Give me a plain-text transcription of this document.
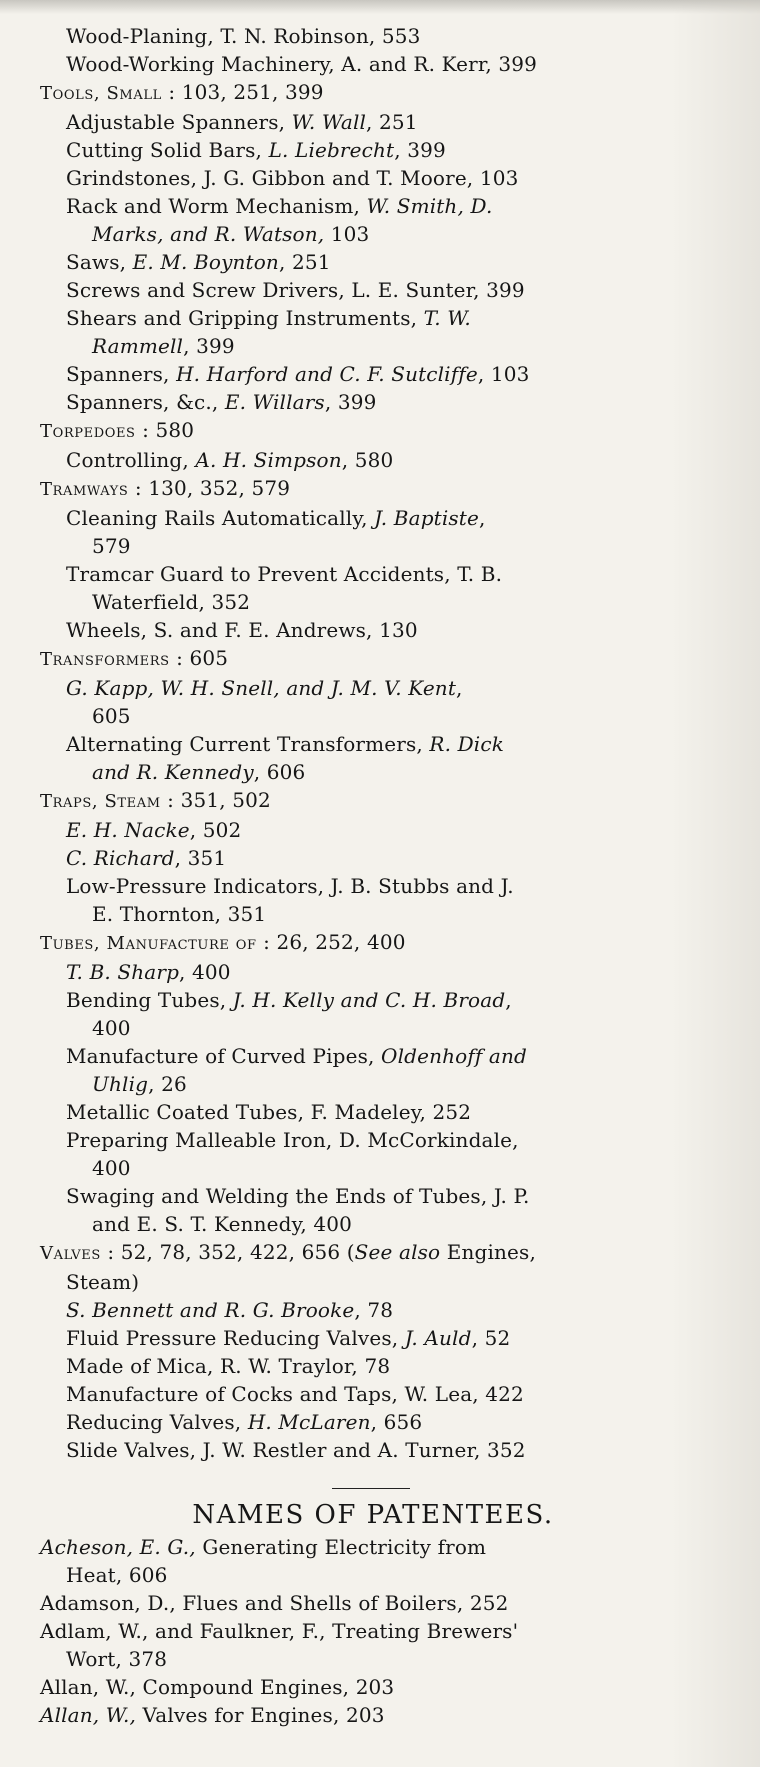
Wood-Planing, T. N. Robinson, 553
Wood-Working Machinery, A. and R. Kerr, 399
Tools, Small : 103, 251, 399
Adjustable Spanners, W. Wall, 251
Cutting Solid Bars, L. Liebrecht, 399
Grindstones, J. G. Gibbon and T. Moore, 103
Rack and Worm Mechanism, W. Smith, D.
Marks, and R. Watson, 103
Saws, E. M. Boynton, 251
Screws and Screw Drivers, L. E. Sunter, 399
Shears and Gripping Instruments, T. W.
Rammell, 399
Spanners, H. Harford and C. F. Sutcliffe, 103
Spanners, &c., E. Willars, 399
Torpedoes : 580
Controlling, A. H. Simpson, 580
Tramways : 130, 352, 579
Cleaning Rails Automatically, J. Baptiste,
579
Tramcar Guard to Prevent Accidents, T. B.
Waterfield, 352
Wheels, S. and F. E. Andrews, 130
Transformers : 605
G. Kapp, W. H. Snell, and J. M. V. Kent,
605
Alternating Current Transformers, R. Dick
and R. Kennedy, 606
Traps, Steam : 351, 502
E. H. Nacke, 502
C. Richard, 351
Low-Pressure Indicators, J. B. Stubbs and J.
E. Thornton, 351
Tubes, Manufacture of : 26, 252, 400
T. B. Sharp, 400
Bending Tubes, J. H. Kelly and C. H. Broad,
400
Manufacture of Curved Pipes, Oldenhoff and
Uhlig, 26
Metallic Coated Tubes, F. Madeley, 252
Preparing Malleable Iron, D. McCorkindale,
400
Swaging and Welding the Ends of Tubes, J. P.
and E. S. T. Kennedy, 400
Valves : 52, 78, 352, 422, 656 (See also Engines,
Steam)
S. Bennett and R. G. Brooke, 78
Fluid Pressure Reducing Valves, J. Auld, 52
Made of Mica, R. W. Traylor, 78
Manufacture of Cocks and Taps, W. Lea, 422
Reducing Valves, H. McLaren, 656
Slide Valves, J. W. Restler and A. Turner, 352
NAMES OF PATENTEES.
Acheson, E. G., Generating Electricity from
Heat, 606
Adamson, D., Flues and Shells of Boilers, 252
Adlam, W., and Faulkner, F., Treating Brewers'
Wort, 378
Allan, W., Compound Engines, 203
Allan, W., Valves for Engines, 203
